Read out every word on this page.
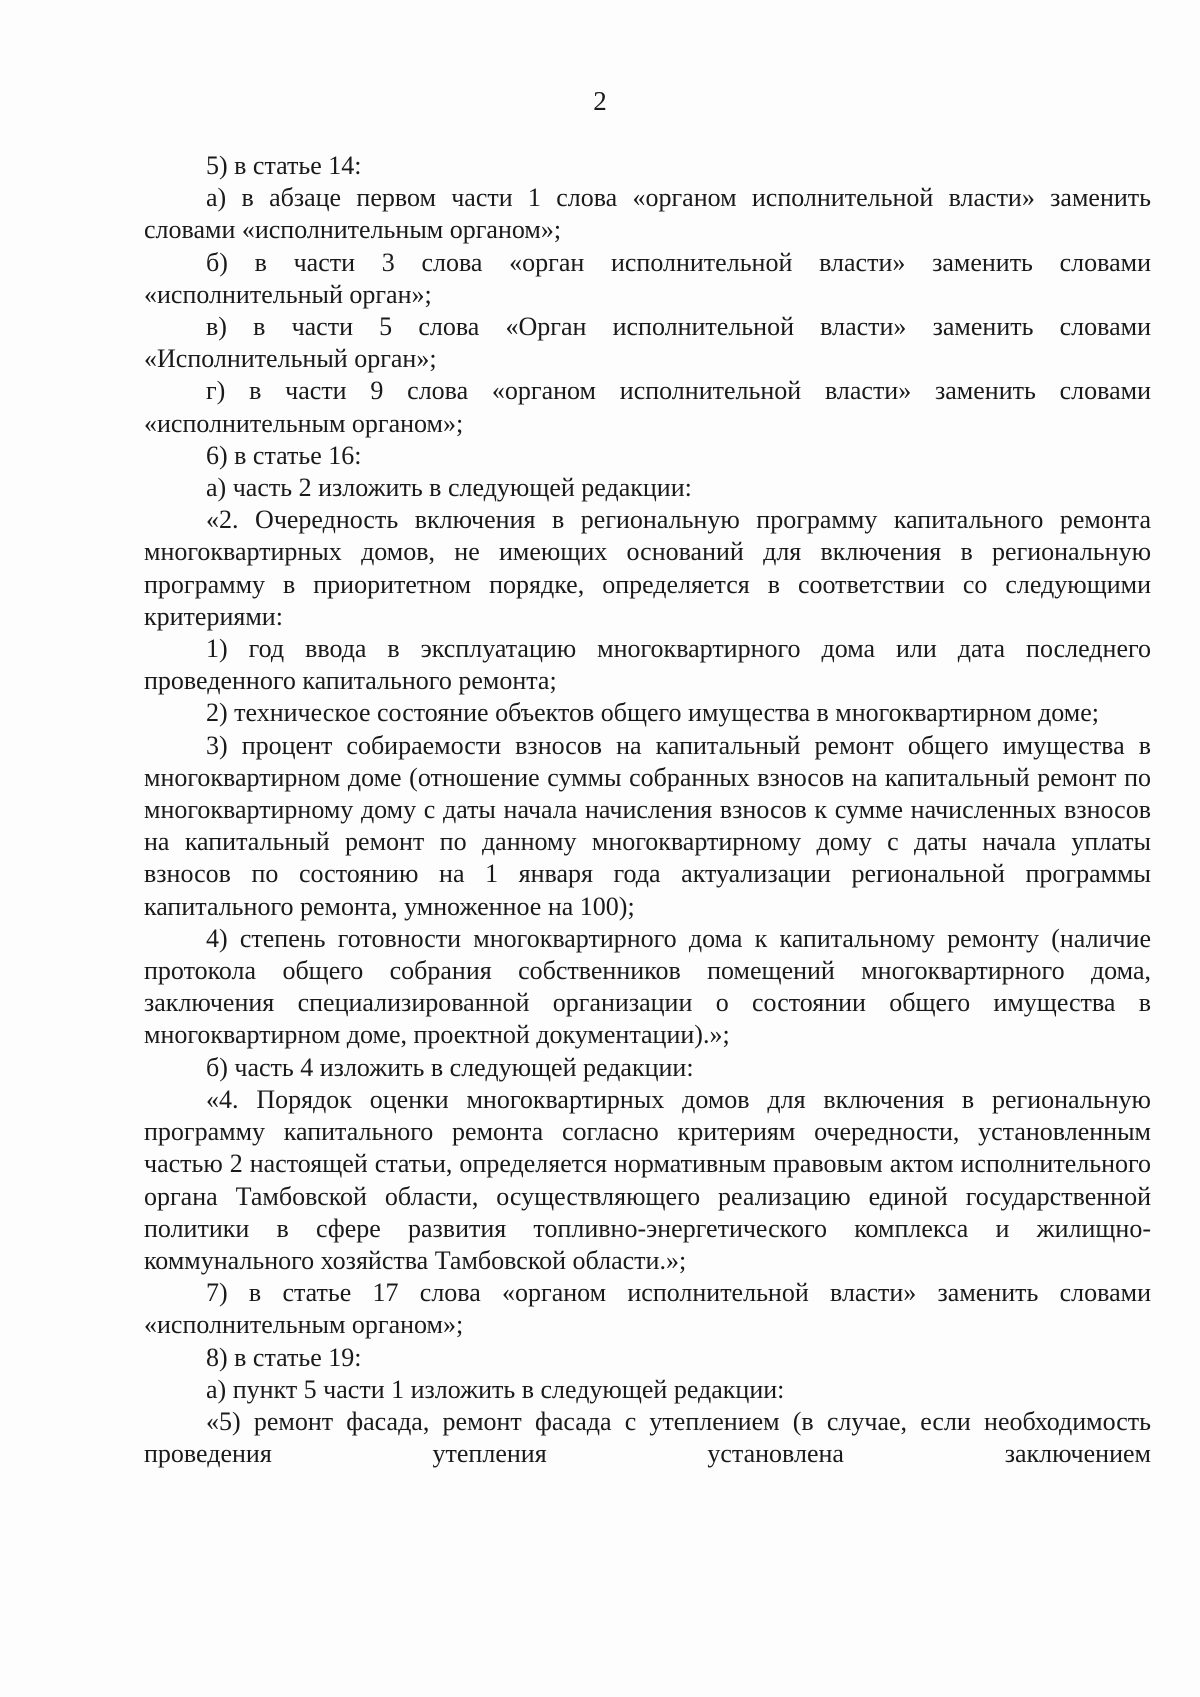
2

5) в статье 14:

а) в абзаце первом части 1 слова «органом исполнительной власти» заменить словами «исполнительным органом»;

б) в части 3 слова «орган исполнительной власти» заменить словами «исполнительный орган»;

в) в части 5 слова «Орган исполнительной власти» заменить словами «Исполнительный орган»;

г) в части 9 слова «органом исполнительной власти» заменить словами «исполнительным органом»;

6) в статье 16:

а) часть 2 изложить в следующей редакции:

«2. Очередность включения в региональную программу капитального ремонта многоквартирных домов, не имеющих оснований для включения в региональную программу в приоритетном порядке, определяется в соответствии со следующими критериями:

1) год ввода в эксплуатацию многоквартирного дома или дата последнего проведенного капитального ремонта;

2) техническое состояние объектов общего имущества в многоквартирном доме;

3) процент собираемости взносов на капитальный ремонт общего имущества в многоквартирном доме (отношение суммы собранных взносов на капитальный ремонт по многоквартирному дому с даты начала начисления взносов к сумме начисленных взносов на капитальный ремонт по данному многоквартирному дому с даты начала уплаты взносов по состоянию на 1 января года актуализации региональной программы капитального ремонта, умноженное на 100);

4) степень готовности многоквартирного дома к капитальному ремонту (наличие протокола общего собрания собственников помещений многоквартирного дома, заключения специализированной организации о состоянии общего имущества в многоквартирном доме, проектной документации).»;

б) часть 4 изложить в следующей редакции:

«4. Порядок оценки многоквартирных домов для включения в региональную программу капитального ремонта согласно критериям очередности, установленным частью 2 настоящей статьи, определяется нормативным правовым актом исполнительного органа Тамбовской области, осуществляющего реализацию единой государственной политики в сфере развития топливно-энергетического комплекса и жилищно-коммунального хозяйства Тамбовской области.»;

7) в статье 17 слова «органом исполнительной власти» заменить словами «исполнительным органом»;

8) в статье 19:

а) пункт 5 части 1 изложить в следующей редакции:

«5) ремонт фасада, ремонт фасада с утеплением (в случае, если необходимость проведения утепления установлена заключением
